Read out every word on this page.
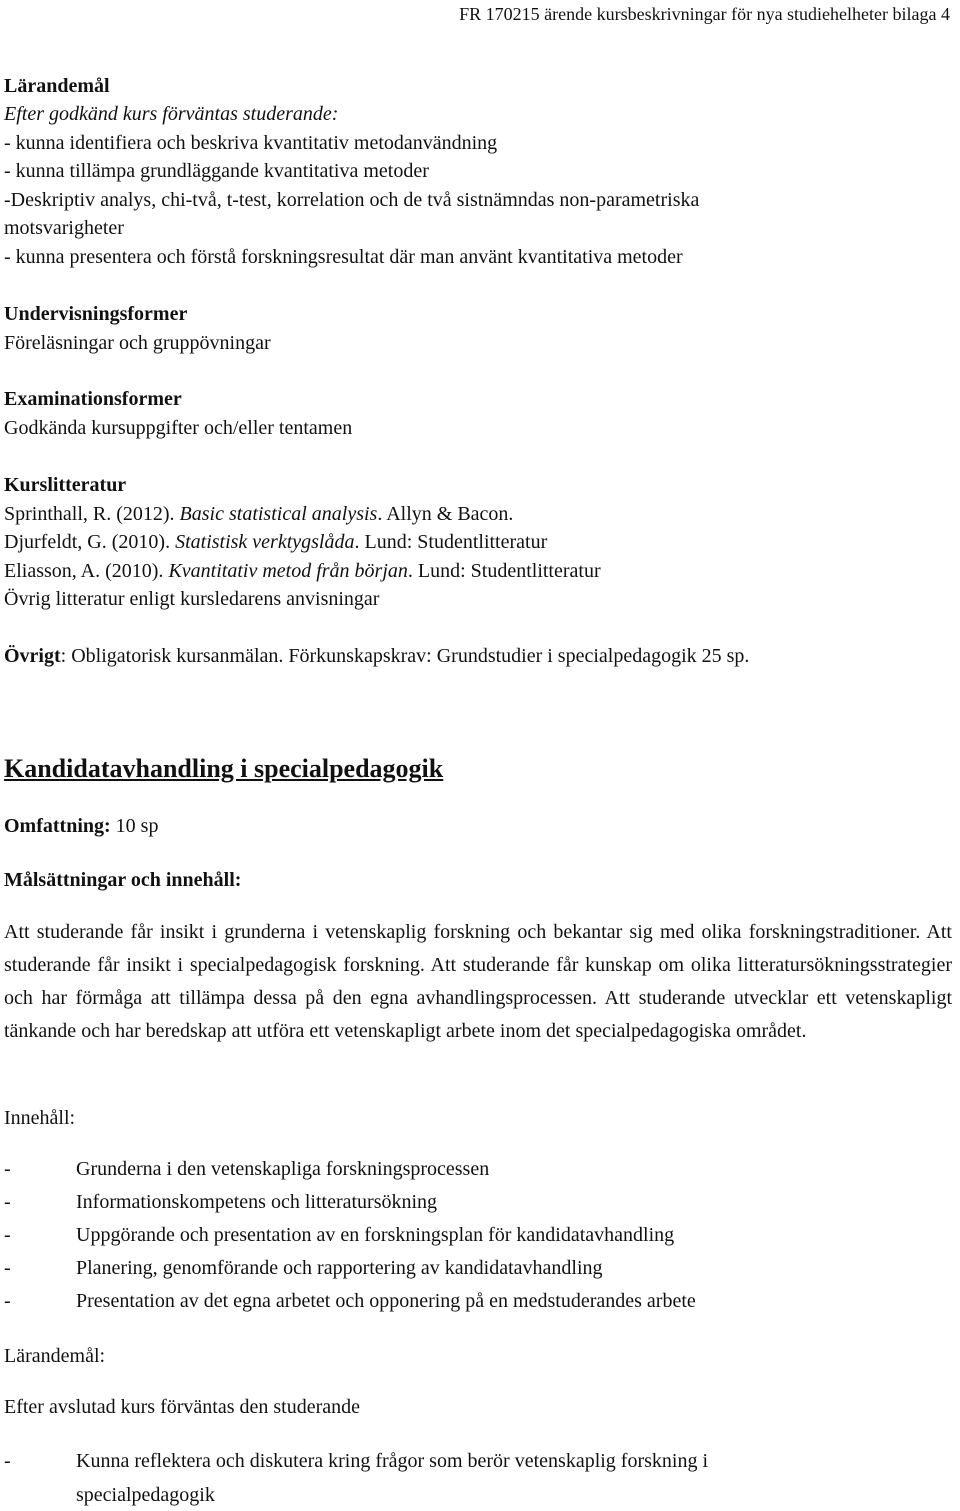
FR 170215 ärende kursbeskrivningar för nya studiehelheter bilaga 4
Lärandemål
Efter godkänd kurs förväntas studerande:
- kunna identifiera och beskriva kvantitativ metodanvändning
- kunna tillämpa grundläggande kvantitativa metoder
-Deskriptiv analys, chi-två, t-test, korrelation och de två sistnämndas non-parametriska
motsvarigheter
- kunna presentera och förstå forskningsresultat där man använt kvantitativa metoder
Undervisningsformer
Föreläsningar och gruppövningar
Examinationsformer
Godkända kursuppgifter och/eller tentamen
Kurslitteratur
Sprinthall, R. (2012). Basic statistical analysis. Allyn & Bacon.
Djurfeldt, G. (2010). Statistisk verktygslåda. Lund: Studentlitteratur
Eliasson, A. (2010). Kvantitativ metod från början. Lund: Studentlitteratur
Övrig litteratur enligt kursledarens anvisningar
Övrigt: Obligatorisk kursanmälan. Förkunskapskrav: Grundstudier i specialpedagogik 25 sp.
Kandidatavhandling i specialpedagogik
Omfattning: 10 sp
Målsättningar och innehåll:
Att studerande får insikt i grunderna i vetenskaplig forskning och bekantar sig med olika forskningstraditioner. Att studerande får insikt i specialpedagogisk forskning. Att studerande får kunskap om olika litteratursökningsstrategier och har förmåga att tillämpa dessa på den egna avhandlingsprocessen. Att studerande utvecklar ett vetenskapligt tänkande och har beredskap att utföra ett vetenskapligt arbete inom det specialpedagogiska området.
Innehåll:
-	Grunderna i den vetenskapliga forskningsprocessen
-	Informationskompetens och litteratursökning
-	Uppgörande och presentation av en forskningsplan för kandidatavhandling
-	Planering, genomförande och rapportering av kandidatavhandling
-	Presentation av det egna arbetet och opponering på en medstuderandes arbete
Lärandemål:
Efter avslutad kurs förväntas den studerande
-	Kunna reflektera och diskutera kring frågor som berör vetenskaplig forskning i
specialpedagogik
